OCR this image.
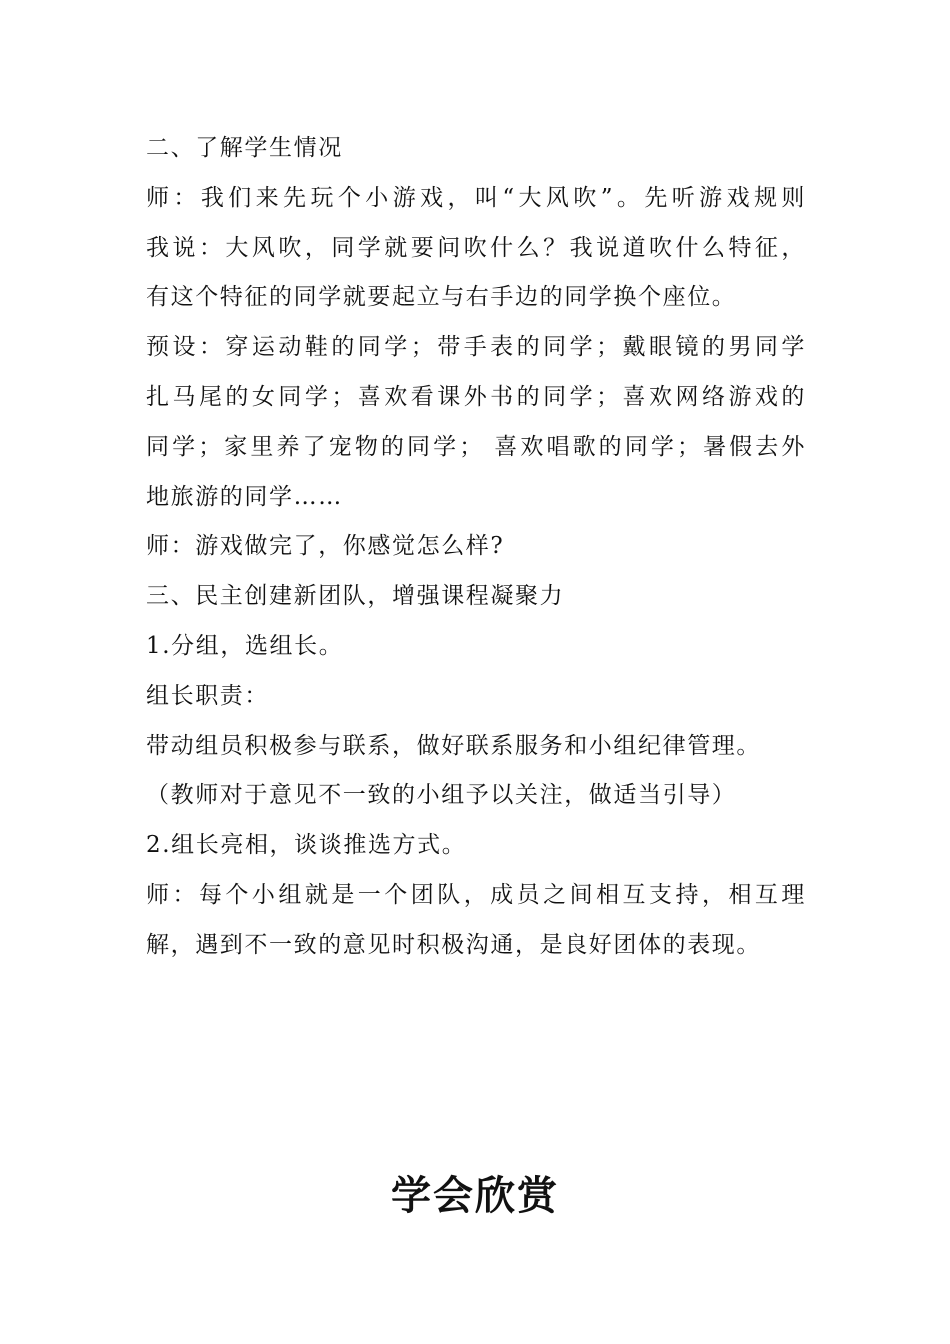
二、了解学生情况
师：我们来先玩个小游戏，叫“大风吹”。先听游戏规则
我说：大风吹，同学就要问吹什么？我说道吹什么特征，
有这个特征的同学就要起立与右手边的同学换个座位。
预设：穿运动鞋的同学；带手表的同学；戴眼镜的男同学
扎马尾的女同学；喜欢看课外书的同学；喜欢网络游戏的
同学；家里养了宠物的同学； 喜欢唱歌的同学；暑假去外
地旅游的同学……
师：游戏做完了，你感觉怎么样?
三、民主创建新团队，增强课程凝聚力
1.分组，选组长。
组长职责：
带动组员积极参与联系，做好联系服务和小组纪律管理。
（教师对于意见不一致的小组予以关注，做适当引导）
2.组长亮相，谈谈推选方式。
师：每个小组就是一个团队，成员之间相互支持，相互理
解，遇到不一致的意见时积极沟通，是良好团体的表现。
学会欣赏
